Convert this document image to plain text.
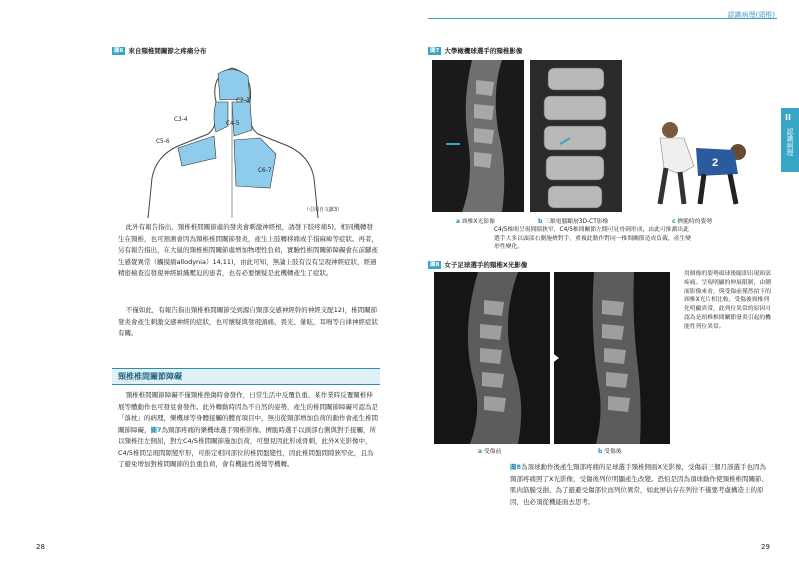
認識病理(頸椎)
II
認識病理
圖6 來自頸椎間關節之疼痛分布
C2-3
C3-4
C4-5
C5-6
C6-7
（引用自文獻3）

此外有報告指出，頸椎椎間關節處的發炎會刺激神經根，誘發下肢疼痛5)，相同機轉發生在頸椎，也可預測會因為頸椎椎間關節發炎，產生上肢轉移痛或手指麻痺等症狀。再者，另有報告指出，在大鼠的頸椎椎間關節處增加物理性負荷，實驗性椎間關節障礙會在前腳產生感覺異常（觸摸痛allodynia）14,11)，由此可知，無論上肢有沒有呈現神經症狀，經過精密檢查沒發現神經組織壓迫的患者，也有必要懷疑是此機轉產生了症狀。

不僅如此，有報告指出頸椎椎間關節受到源自頸部交感神經幹的神經支配12)，椎間關節發炎會產生刺激交感神經的症狀，也可懷疑與發現頭痛、畏光、暈眩，耳鳴等自律神經症狀有關。

頸椎椎間關節障礙

頸椎椎間關節障礙不僅頸椎挫傷時會發作，日常生活中反覆負重、某作業時反覆關椎伸展等體動作也可發見會發作。此外轉動時因為不自然的姿勢，產生的椎間關節障礙可認為是「落枕」的病理，樂機球等身體接觸的體育項目中，無出從頸部增加負荷的動作會產生椎間關節障礙，圖7為頸部疼痛的樂機球選手頸椎影像。擠脆時選手以頭部右側與對手接觸，所以頸椎往左側屈，對左C4/5椎間關節施加負荷，可想見因此形成骨刺，此外X光影像中，C4/5椎間呈現間隙變窄形，可推定相同部位的椎間盤變性，因此椎間盤間隙狹窄化，且為了避免增加對椎間關節的負重負荷，會有機能性後彎等機轉。

28
圖7 大學橄欖球選手的頸椎影像
2
a 頸椎X光影像	b 三維電腦斷層3D-CT影像	c 擠脆時的姿勢
C4/5椎間呈現間隙狹窄，C4/5椎間關節左側可見骨刺形成，由此可推測出此選手大多以頭部右側施擠對手，重複此動作對同一椎間關節造成負載，產生變形性變化。
圖8 女子足球選手的頸椎X光影像
用個像的姿勢頭球後隨即出現頸部疼痛。呈現明顯的伸展限制，由側面影像來看，與受傷前僅然拍下的頸椎X光片相比較，受傷後頸椎列化明顯異常，此列位異常的原因可認為是頸椎椎間關節發炎引起的機能性列位異常。
a 受傷前	b 受傷後

圖8為頂球動作後產生頸部疼痛的足球選手頸椎側面X光影像，受傷前三個月該選手也因為頸部疼痛照了X光影像，受傷後列位明顯產生改變。恐怕是因為頂球動作使頸椎椎間關節、肌肉筋膜受損，為了避避受傷部位而列位異常，如此屏佔存在列位不僅要考慮構造上的原因，也必須從機能面去思考。

29
